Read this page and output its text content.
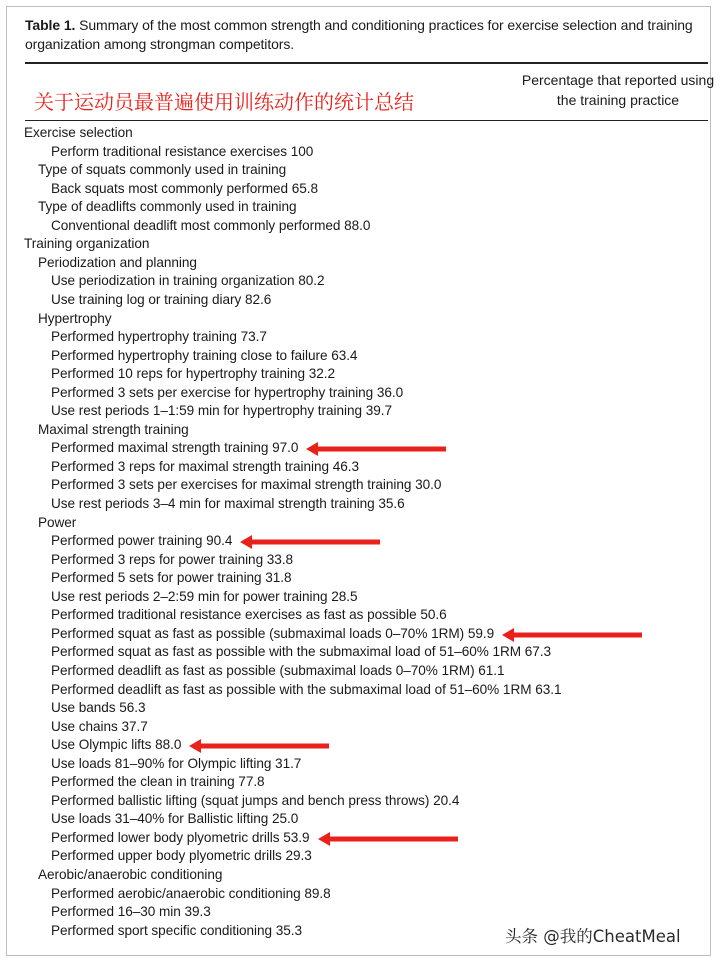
Table 1. Summary of the most common strength and conditioning practices for exercise selection and training organization among strongman competitors.
关于运动员最普遍使用训练动作的统计总结
Percentage that reported using
the training practice
Exercise selection
Perform traditional resistance exercises 100
Type of squats commonly used in training
Back squats most commonly performed 65.8
Type of deadlifts commonly used in training
Conventional deadlift most commonly performed 88.0
Training organization
Periodization and planning
Use periodization in training organization 80.2
Use training log or training diary 82.6
Hypertrophy
Performed hypertrophy training 73.7
Performed hypertrophy training close to failure 63.4
Performed 10 reps for hypertrophy training 32.2
Performed 3 sets per exercise for hypertrophy training 36.0
Use rest periods 1–1:59 min for hypertrophy training 39.7
Maximal strength training
Performed maximal strength training 97.0
Performed 3 reps for maximal strength training 46.3
Performed 3 sets per exercises for maximal strength training 30.0
Use rest periods 3–4 min for maximal strength training 35.6
Power
Performed power training 90.4
Performed 3 reps for power training 33.8
Performed 5 sets for power training 31.8
Use rest periods 2–2:59 min for power training 28.5
Performed traditional resistance exercises as fast as possible 50.6
Performed squat as fast as possible (submaximal loads 0–70% 1RM) 59.9
Performed squat as fast as possible with the submaximal load of 51–60% 1RM 67.3
Performed deadlift as fast as possible (submaximal loads 0–70% 1RM) 61.1
Performed deadlift as fast as possible with the submaximal load of 51–60% 1RM 63.1
Use bands 56.3
Use chains 37.7
Use Olympic lifts 88.0
Use loads 81–90% for Olympic lifting 31.7
Performed the clean in training 77.8
Performed ballistic lifting (squat jumps and bench press throws) 20.4
Use loads 31–40% for Ballistic lifting 25.0
Performed lower body plyometric drills 53.9
Performed upper body plyometric drills 29.3
Aerobic/anaerobic conditioning
Performed aerobic/anaerobic conditioning 89.8
Performed 16–30 min 39.3
Performed sport specific conditioning 35.3	头条 @我的CheatMeal
